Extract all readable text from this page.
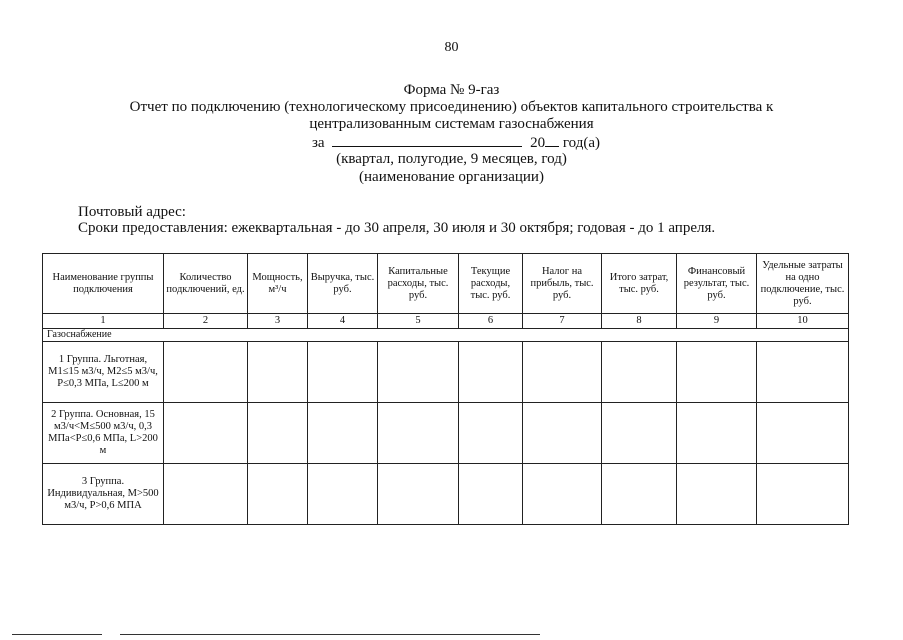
80
Форма № 9-газ
Отчет по подключению (технологическому присоединению) объектов капитального строительства к
централизованным системам газоснабжения
за	20 год(а)
(квартал, полугодие, 9 месяцев, год)
(наименование организации)
Почтовый адрес:
Сроки предоставления: ежеквартальная - до 30 апреля, 30 июля и 30 октября; годовая - до 1 апреля.
Наименование группы подключения	Количество подключений, ед.	Мощность, м³/ч	Выручка, тыс. руб.	Капитальные расходы, тыс. руб.	Текущие расходы, тыс. руб.	Налог на прибыль, тыс. руб.	Итого затрат, тыс. руб.	Финансовый результат, тыс. руб.	Удельные затраты на одно подключение, тыс. руб.
1	2	3	4	5	6	7	8	9	10
Газоснабжение									
1 Группа. Льготная, M1≤15 м3/ч, M2≤5 м3/ч, P≤0,3 МПа, L≤200 м									
2 Группа. Основная, 15 м3/ч<M≤500 м3/ч, 0,3 МПа<P≤0,6 МПа, L>200 м									
3 Группа. Индивидуальная, M>500 м3/ч, P>0,6 МПА									
